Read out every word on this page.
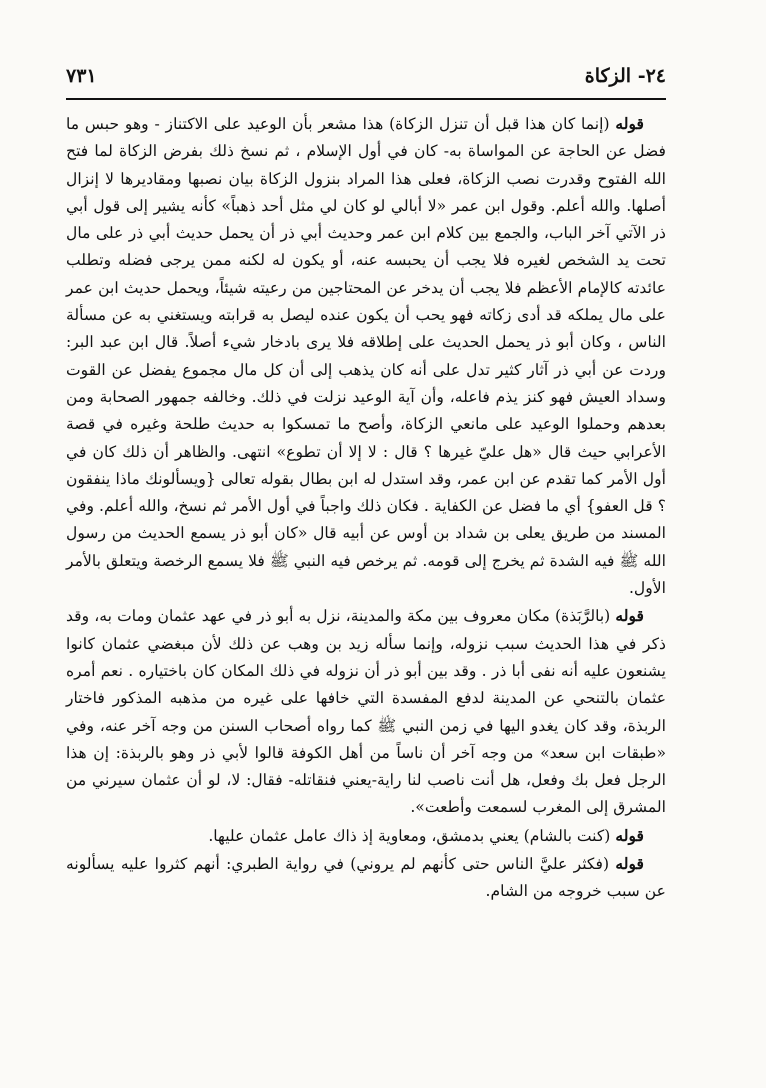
٢٤- الزكاة
٧٣١

قوله (إنما كان هذا قبل أن تنزل الزكاة) هذا مشعر بأن الوعيد على الاكتناز - وهو حبس ما فضل عن الحاجة عن المواساة به- كان في أول الإسلام ، ثم نسخ ذلك بفرض الزكاة لما فتح الله الفتوح وقدرت نصب الزكاة، فعلى هذا المراد بنزول الزكاة بيان نصبها ومقاديرها لا إنزال أصلها. والله أعلم. وقول ابن عمر «لا أبالي لو كان لي مثل أحد ذهباً» كأنه يشير إلى قول أبي ذر الآتي آخر الباب، والجمع بين كلام ابن عمر وحديث أبي ذر أن يحمل حديث أبي ذر على مال تحت يد الشخص لغيره فلا يجب أن يحبسه عنه، أو يكون له لكنه ممن يرجى فضله وتطلب عائدته كالإمام الأعظم فلا يجب أن يدخر عن المحتاجين من رعيته شيئاً، ويحمل حديث ابن عمر على مال يملكه قد أدى زكاته فهو يحب أن يكون عنده ليصل به قرابته ويستغني به عن مسألة الناس ، وكان أبو ذر يحمل الحديث على إطلاقه فلا يرى بادخار شيء أصلاً. قال ابن عبد البر: وردت عن أبي ذر آثار كثير تدل على أنه كان يذهب إلى أن كل مال مجموع يفضل عن القوت وسداد العيش فهو كنز يذم فاعله، وأن آية الوعيد نزلت في ذلك. وخالفه جمهور الصحابة ومن بعدهم وحملوا الوعيد على مانعي الزكاة، وأصح ما تمسكوا به حديث طلحة وغيره في قصة الأعرابي حيث قال «هل عليّ غيرها ؟ قال : لا إلا أن تطوع» انتهى. والظاهر أن ذلك كان في أول الأمر كما تقدم عن ابن عمر، وقد استدل له ابن بطال بقوله تعالى {ويسألونك ماذا ينفقون ؟ قل العفو} أي ما فضل عن الكفاية . فكان ذلك واجباً في أول الأمر ثم نسخ، والله أعلم. وفي المسند من طريق يعلى بن شداد بن أوس عن أبيه قال «كان أبو ذر يسمع الحديث من رسول الله ﷺ فيه الشدة ثم يخرج إلى قومه. ثم يرخص فيه النبي ﷺ فلا يسمع الرخصة ويتعلق بالأمر الأول.

قوله (بالرَّبَذة) مكان معروف بين مكة والمدينة، نزل به أبو ذر في عهد عثمان ومات به، وقد ذكر في هذا الحديث سبب نزوله، وإنما سأله زيد بن وهب عن ذلك لأن مبغضي عثمان كانوا يشنعون عليه أنه نفى أبا ذر . وقد بين أبو ذر أن نزوله في ذلك المكان كان باختياره . نعم أمره عثمان بالتنحي عن المدينة لدفع المفسدة التي خافها على غيره من مذهبه المذكور فاختار الربذة، وقد كان يغدو اليها في زمن النبي ﷺ كما رواه أصحاب السنن من وجه آخر عنه، وفي «طبقات ابن سعد» من وجه آخر أن ناساً من أهل الكوفة قالوا لأبي ذر وهو بالربذة: إن هذا الرجل فعل بك وفعل، هل أنت ناصب لنا راية-يعني فنقاتله- فقال: لا، لو أن عثمان سيرني من المشرق إلى المغرب لسمعت وأطعت».

قوله (كنت بالشام) يعني بدمشق، ومعاوية إذ ذاك عامل عثمان عليها.

قوله (فكثر عليَّ الناس حتى كأنهم لم يروني) في رواية الطبري: أنهم كثروا عليه يسألونه عن سبب خروجه من الشام.
